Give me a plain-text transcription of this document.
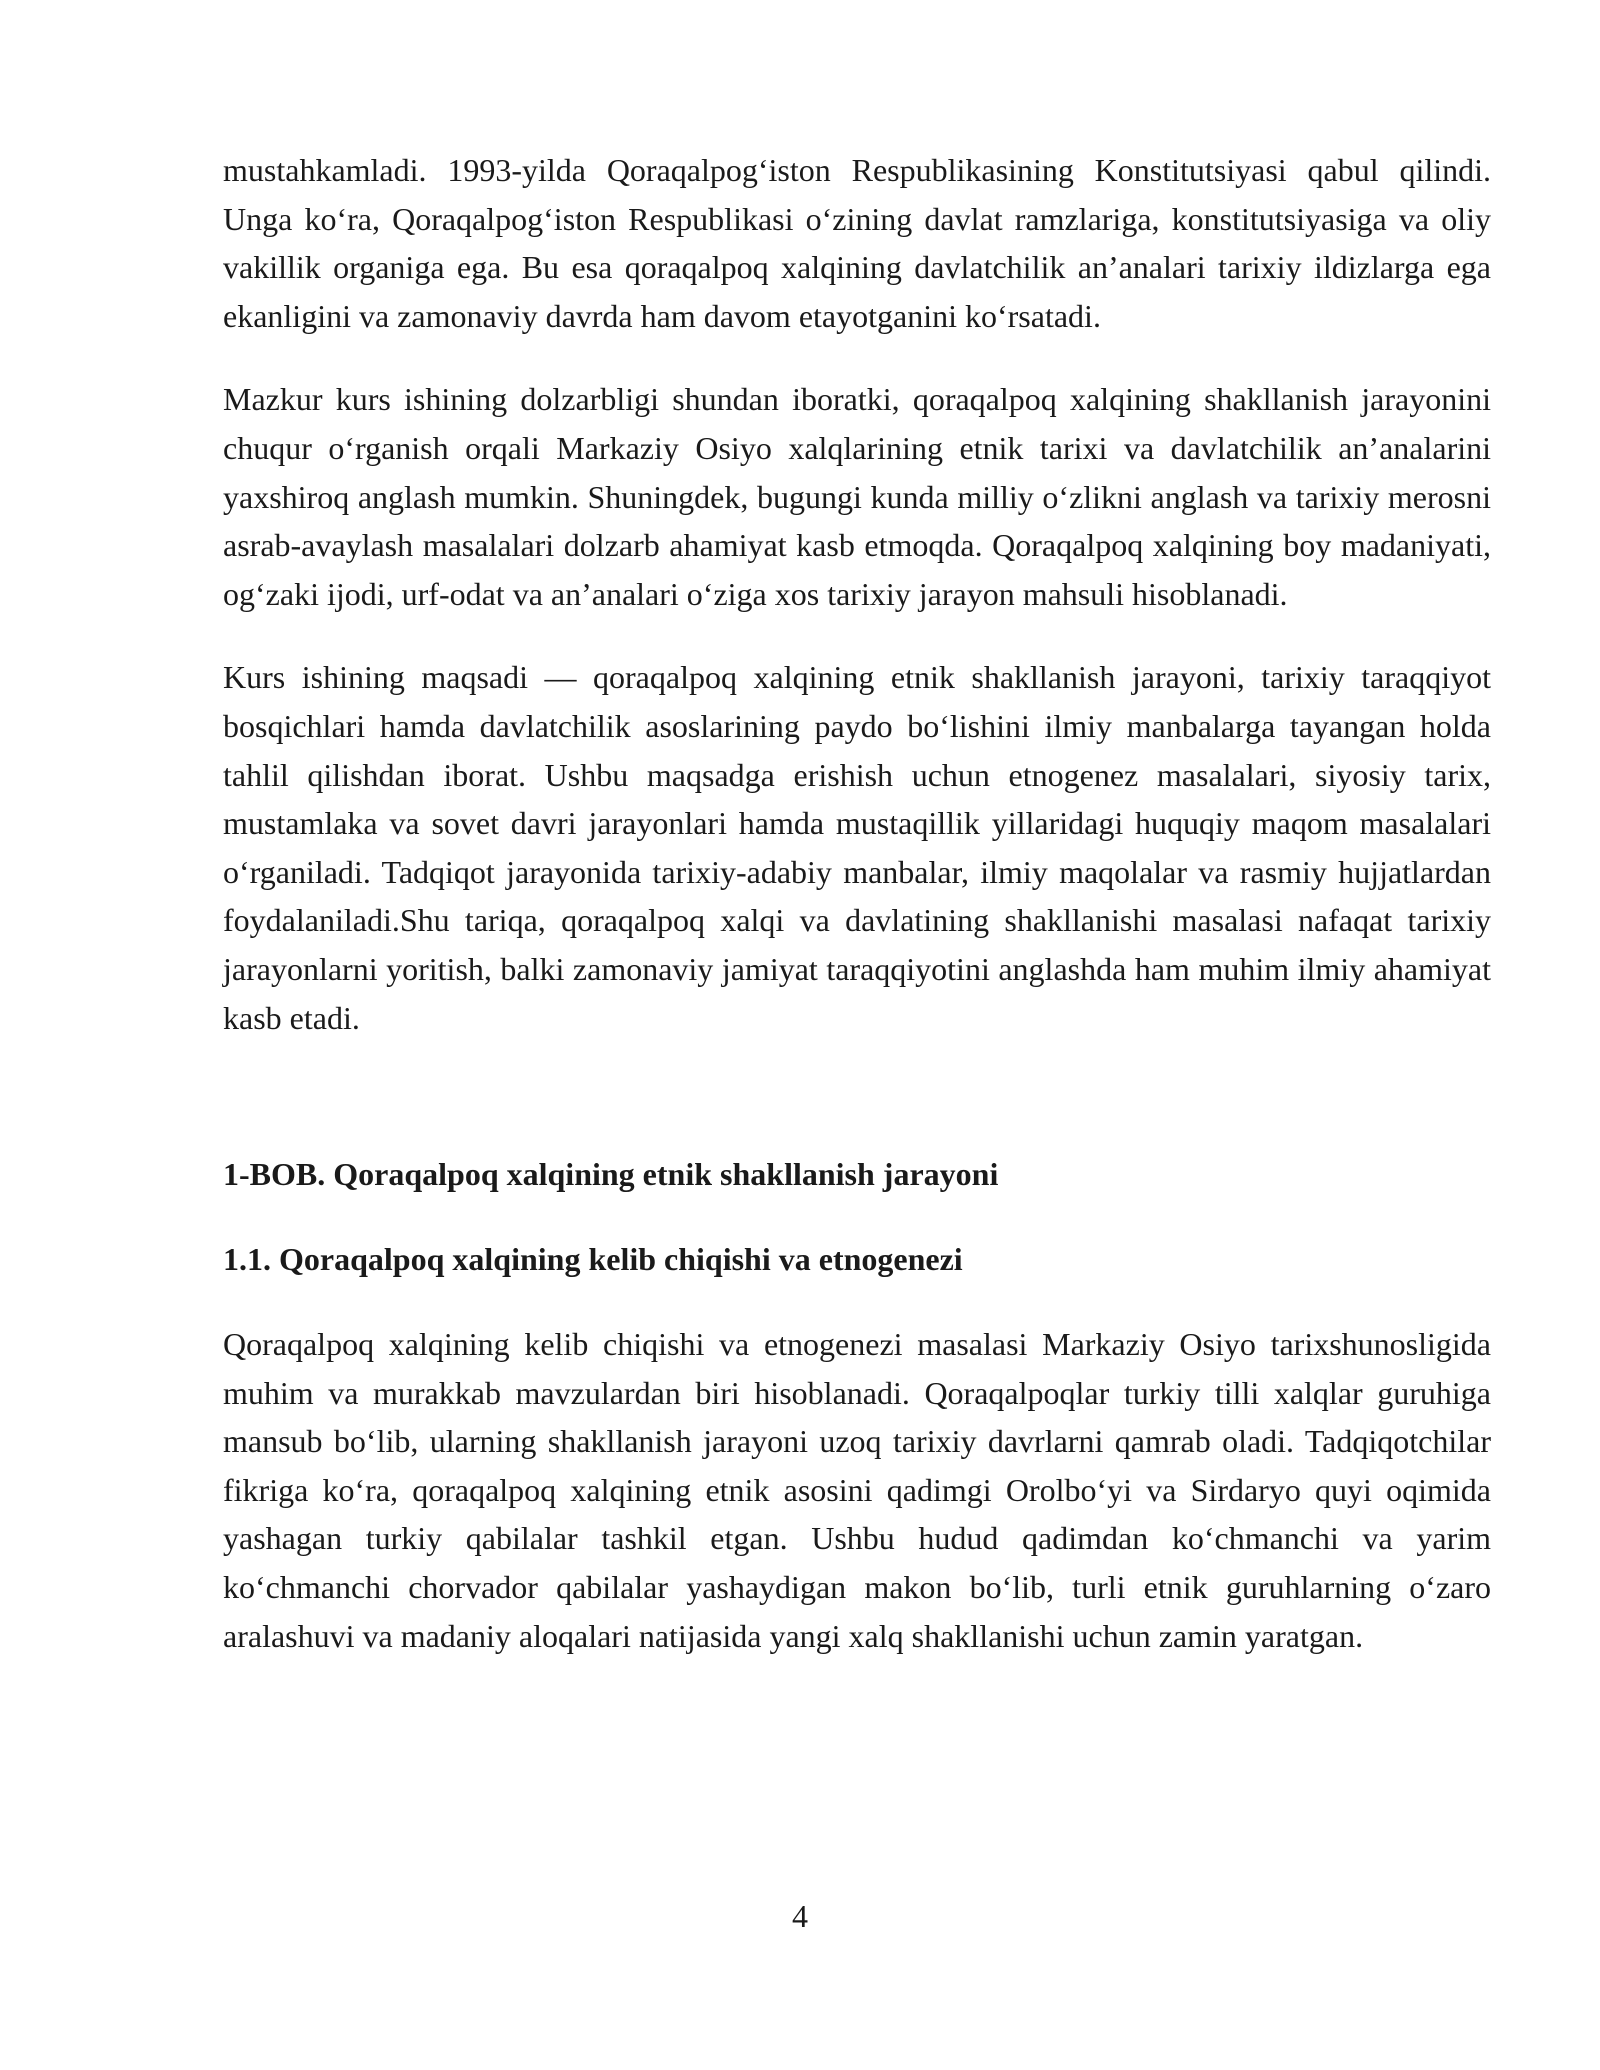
mustahkamladi. 1993-yilda Qoraqalpog‘iston Respublikasining Konstitutsiyasi qabul qilindi. Unga ko‘ra, Qoraqalpog‘iston Respublikasi o‘zining davlat ramzlariga, konstitutsiyasiga va oliy vakillik organiga ega. Bu esa qoraqalpoq xalqining davlatchilik an’analari tarixiy ildizlarga ega ekanligini va zamonaviy davrda ham davom etayotganini ko‘rsatadi.

Mazkur kurs ishining dolzarbligi shundan iboratki, qoraqalpoq xalqining shakllanish jarayonini chuqur o‘rganish orqali Markaziy Osiyo xalqlarining etnik tarixi va davlatchilik an’analarini yaxshiroq anglash mumkin. Shuningdek, bugungi kunda milliy o‘zlikni anglash va tarixiy merosni asrab-avaylash masalalari dolzarb ahamiyat kasb etmoqda. Qoraqalpoq xalqining boy madaniyati, og‘zaki ijodi, urf-odat va an’analari o‘ziga xos tarixiy jarayon mahsuli hisoblanadi.

Kurs ishining maqsadi — qoraqalpoq xalqining etnik shakllanish jarayoni, tarixiy taraqqiyot bosqichlari hamda davlatchilik asoslarining paydo bo‘lishini ilmiy manbalarga tayangan holda tahlil qilishdan iborat. Ushbu maqsadga erishish uchun etnogenez masalalari, siyosiy tarix, mustamlaka va sovet davri jarayonlari hamda mustaqillik yillaridagi huquqiy maqom masalalari o‘rganiladi. Tadqiqot jarayonida tarixiy-adabiy manbalar, ilmiy maqolalar va rasmiy hujjatlardan foydalaniladi.Shu tariqa, qoraqalpoq xalqi va davlatining shakllanishi masalasi nafaqat tarixiy jarayonlarni yoritish, balki zamonaviy jamiyat taraqqiyotini anglashda ham muhim ilmiy ahamiyat kasb etadi.

1-BOB. Qoraqalpoq xalqining etnik shakllanish jarayoni
1.1. Qoraqalpoq xalqining kelib chiqishi va etnogenezi

Qoraqalpoq xalqining kelib chiqishi va etnogenezi masalasi Markaziy Osiyo tarixshunosligida muhim va murakkab mavzulardan biri hisoblanadi. Qoraqalpoqlar turkiy tilli xalqlar guruhiga mansub bo‘lib, ularning shakllanish jarayoni uzoq tarixiy davrlarni qamrab oladi. Tadqiqotchilar fikriga ko‘ra, qoraqalpoq xalqining etnik asosini qadimgi Orolbo‘yi va Sirdaryo quyi oqimida yashagan turkiy qabilalar tashkil etgan. Ushbu hudud qadimdan ko‘chmanchi va yarim ko‘chmanchi chorvador qabilalar yashaydigan makon bo‘lib, turli etnik guruhlarning o‘zaro aralashuvi va madaniy aloqalari natijasida yangi xalq shakllanishi uchun zamin yaratgan.

4
